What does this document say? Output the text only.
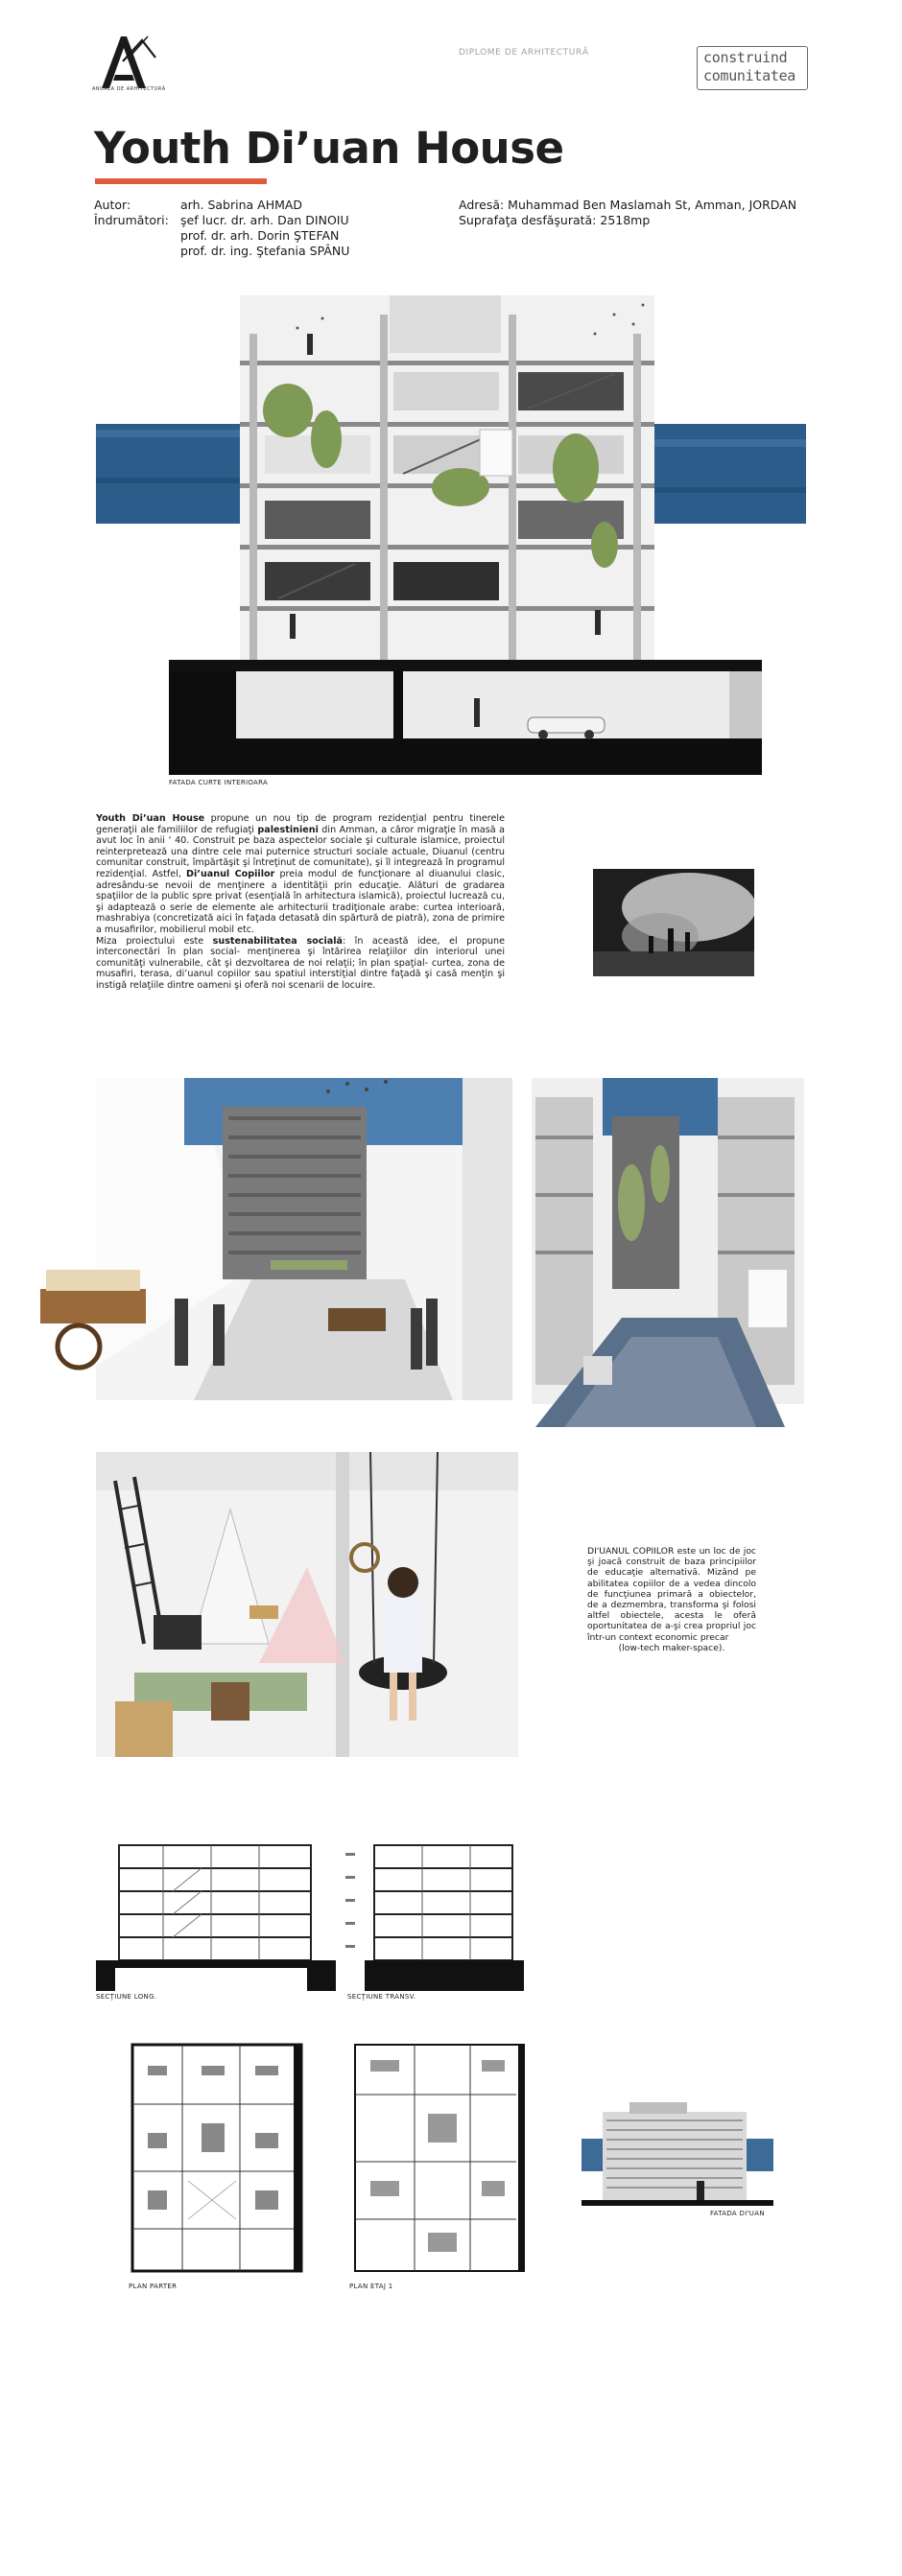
ANUALA DE ARHITECTURĂ
DIPLOME DE ARHITECTURĂ	construind
comunitatea
Youth Di’uan House
Autor:	arh. Sabrina AHMAD
Îndrumători: şef lucr. dr. arh. Dan DINOIU
prof. dr. arh. Dorin ŞTEFAN
prof. dr. ing. Ştefania SPÂNU
Adresă: Muhammad Ben Maslamah St, Amman, JORDAN
Suprafaţa desfăşurată: 2518mp
FATADA CURTE INTERIOARA

Youth Di’uan House propune un nou tip de program rezidenţial pentru tinerele generaţii ale familiilor de refugiaţi palestinieni din Amman, a căror migraţie în masă a avut loc în anii ‘ 40. Construit pe baza aspectelor sociale şi culturale islamice, proiectul reinterpretează una dintre cele mai puternice structuri sociale actuale, Diuanul (centru comunitar construit, împărtăşit şi întreţinut de comunitate), şi îl integrează în programul rezidenţial. Astfel, Di’uanul Copiilor preia modul de funcţionare al diuanului clasic, adresându-se nevoii de menţinere a identităţii prin educaţie. Alături de gradarea spaţiilor de la public spre privat (esenţială în arhitectura islamică), proiectul lucrează cu, şi adaptează o serie de elemente ale arhitecturii tradiţionale arabe: curtea interioară, mashrabiya (concretizată aici în faţada detasată din spărtură de piatră), zona de primire a musafirilor, mobilierul mobil etc.

Miza proiectului este sustenabilitatea socială: în această idee, el propune interconectări în plan social- menţinerea şi întărirea relaţiilor din interiorul unei comunităţi vulnerabile, cât şi dezvoltarea de noi relaţii; în plan spaţial- curtea, zona de musafiri, terasa, di’uanul copiilor sau spatiul interstiţial dintre faţadă şi casă menţin şi instigă relaţiile dintre oameni şi oferă noi scenarii de locuire.

DI'UANUL COPIILOR este un loc de joc şi joacă construit de baza principiilor de educaţie alternativă. Mizând pe abilitatea copiilor de a vedea dincolo de funcţiunea primară a obiectelor, de a dezmembra, transforma şi folosi altfel obiectele, acesta le oferă oportunitatea de a-şi crea propriul joc într-un context economic precar
(low-tech maker-space).
SECŢIUNE LONG.	SECŢIUNE TRANSV.
PLAN PARTER	PLAN ETAJ 1
FATADA DI'UAN
